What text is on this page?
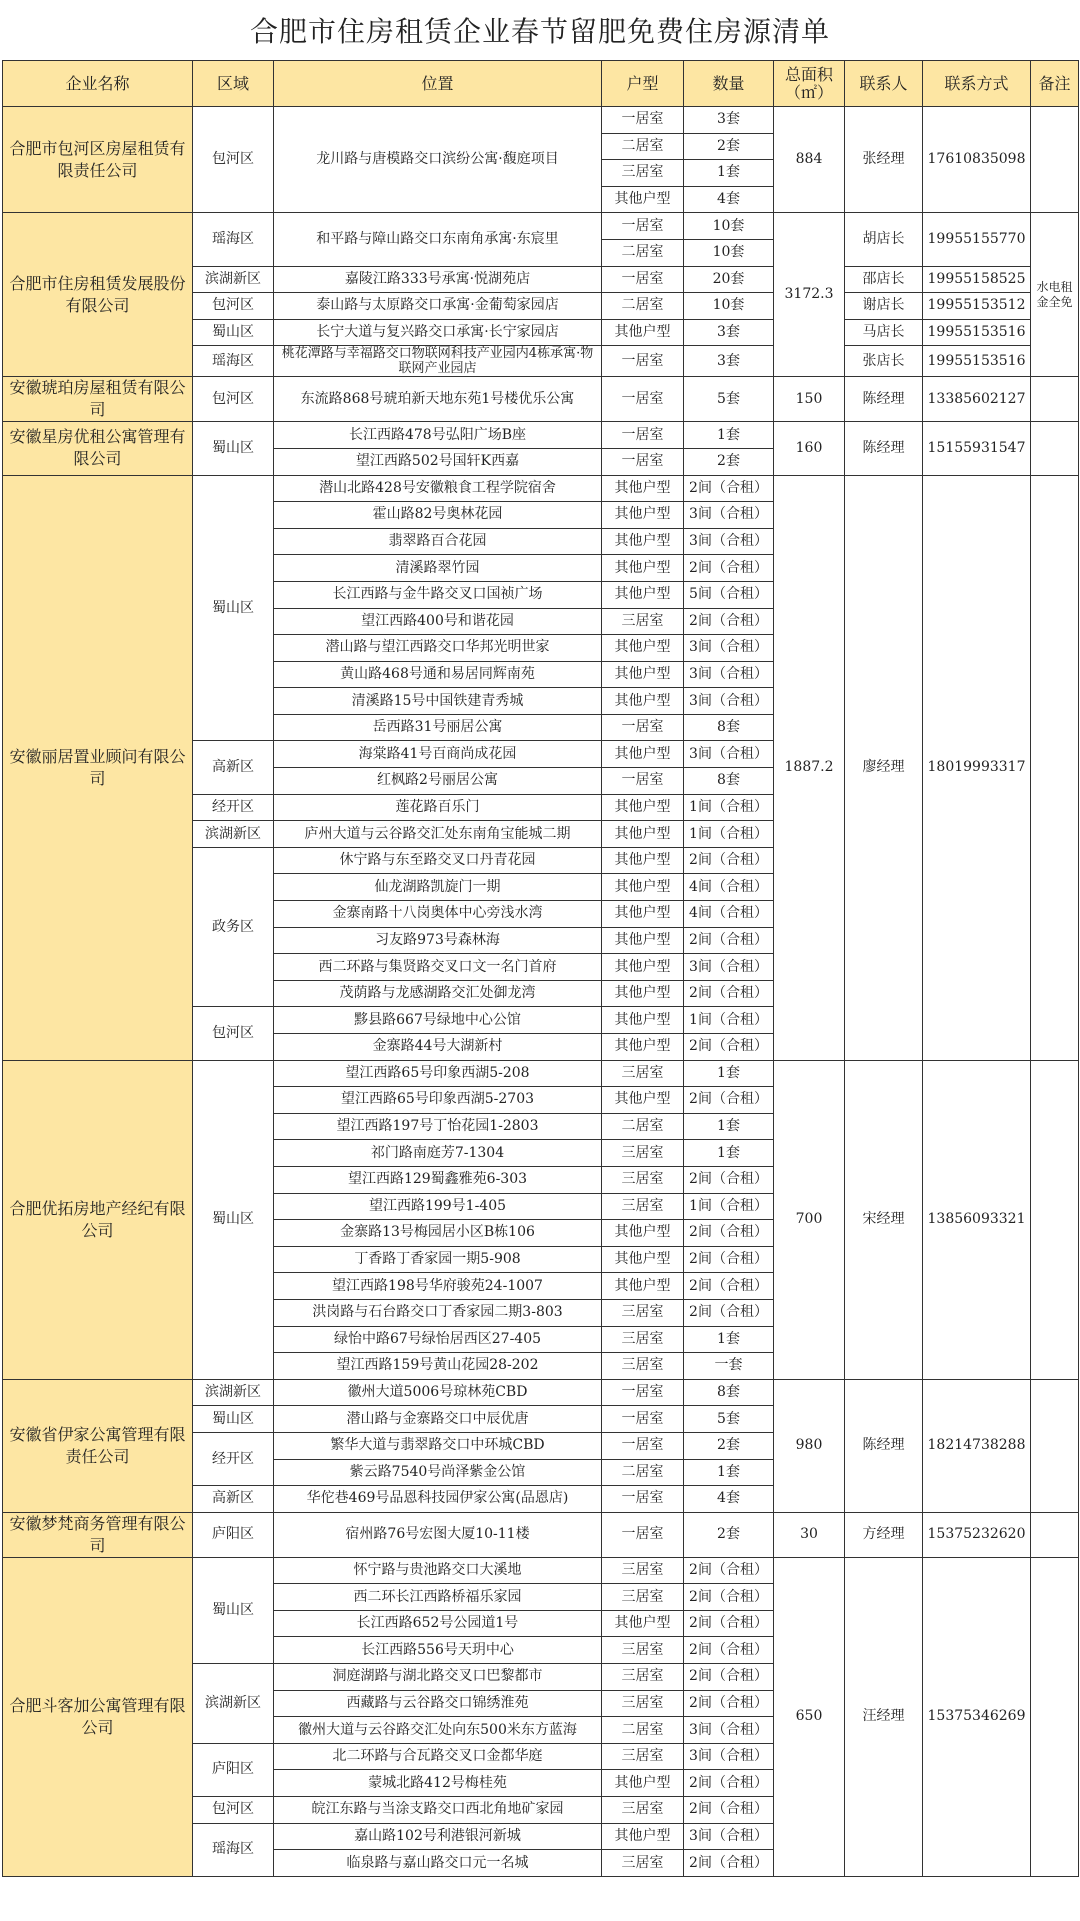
合肥市住房租赁企业春节留肥免费住房源清单
企业名称	区域	位置	户型	数量	总面积（㎡）	联系人	联系方式	备注
合肥市包河区房屋租赁有限责任公司	包河区	龙川路与唐模路交口滨纷公寓·馥庭项目	一居室	3套	884	张经理	17610835098	
			二居室	2套				
			三居室	1套				
			其他户型	4套				
合肥市住房租赁发展股份有限公司	瑶海区	和平路与障山路交口东南角承寓·东宸里	一居室	10套	3172.3	胡店长	19955155770	水电租金全免
			二居室	10套				
	滨湖新区	嘉陵江路333号承寓·悦湖苑店	一居室	20套		邵店长	19955158525	
	包河区	泰山路与太原路交口承寓·金葡萄家园店	二居室	10套		谢店长	19955153512	
	蜀山区	长宁大道与复兴路交口承寓·长宁家园店	其他户型	3套		马店长	19955153516	
	瑶海区	桃花潭路与幸福路交口物联网科技产业园内4栋承寓·物联网产业园店	一居室	3套		张店长	19955153516	
安徽琥珀房屋租赁有限公司	包河区	东流路868号琥珀新天地东苑1号楼优乐公寓	一居室	5套	150	陈经理	13385602127	
安徽星房优租公寓管理有限公司	蜀山区	长江西路478号弘阳广场B座	一居室	1套	160	陈经理	15155931547	
		望江西路502号国轩K西嘉	一居室	2套				
安徽丽居置业顾问有限公司	蜀山区	潜山北路428号安徽粮食工程学院宿舍	其他户型	2间（合租）	1887.2	廖经理	18019993317	
		霍山路82号奥林花园	其他户型	3间（合租）				
		翡翠路百合花园	其他户型	3间（合租）				
		清溪路翠竹园	其他户型	2间（合租）				
		长江西路与金牛路交叉口国祯广场	其他户型	5间（合租）				
		望江西路400号和谐花园	三居室	2间（合租）				
		潜山路与望江西路交口华邦光明世家	其他户型	3间（合租）				
		黄山路468号通和易居同辉南苑	其他户型	3间（合租）				
		清溪路15号中国铁建青秀城	其他户型	3间（合租）				
		岳西路31号丽居公寓	一居室	8套				
	高新区	海棠路41号百商尚成花园	其他户型	3间（合租）				
		红枫路2号丽居公寓	一居室	8套				
	经开区	莲花路百乐门	其他户型	1间（合租）				
	滨湖新区	庐州大道与云谷路交汇处东南角宝能城二期	其他户型	1间（合租）				
	政务区	休宁路与东至路交叉口丹青花园	其他户型	2间（合租）				
		仙龙湖路凯旋门一期	其他户型	4间（合租）				
		金寨南路十八岗奥体中心旁浅水湾	其他户型	4间（合租）				
		习友路973号森林海	其他户型	2间（合租）				
		西二环路与集贤路交叉口文一名门首府	其他户型	3间（合租）				
		茂荫路与龙感湖路交汇处御龙湾	其他户型	2间（合租）				
	包河区	黟县路667号绿地中心公馆	其他户型	1间（合租）				
		金寨路44号大湖新村	其他户型	2间（合租）				
合肥优拓房地产经纪有限公司	蜀山区	望江西路65号印象西湖5-208	三居室	1套	700	宋经理	13856093321	
		望江西路65号印象西湖5-2703	其他户型	2间（合租）				
		望江西路197号丁怡花园1-2803	二居室	1套				
		祁门路南庭芳7-1304	三居室	1套				
		望江西路129蜀鑫雅苑6-303	三居室	2间（合租）				
		望江西路199号1-405	三居室	1间（合租）				
		金寨路13号梅园居小区B栋106	其他户型	2间（合租）				
		丁香路丁香家园一期5-908	其他户型	2间（合租）				
		望江西路198号华府骏苑24-1007	其他户型	2间（合租）				
		洪岗路与石台路交口丁香家园二期3-803	三居室	2间（合租）				
		绿怡中路67号绿怡居西区27-405	三居室	1套				
		望江西路159号黄山花园28-202	三居室	一套				
安徽省伊家公寓管理有限责任公司	滨湖新区	徽州大道5006号琼林苑CBD	一居室	8套	980	陈经理	18214738288	
	蜀山区	潜山路与金寨路交口中辰优唐	一居室	5套				
	经开区	繁华大道与翡翠路交口中环城CBD	一居室	2套				
		紫云路7540号尚泽紫金公馆	二居室	1套				
	高新区	华佗巷469号品恩科技园伊家公寓(品恩店)	一居室	4套				
安徽梦梵商务管理有限公司	庐阳区	宿州路76号宏图大厦10-11楼	一居室	2套	30	方经理	15375232620	
合肥斗客加公寓管理有限公司	蜀山区	怀宁路与贵池路交口大溪地	三居室	2间（合租）	650	汪经理	15375346269	
		西二环长江西路桥福乐家园	三居室	2间（合租）				
		长江西路652号公园道1号	其他户型	2间（合租）				
		长江西路556号天玥中心	三居室	2间（合租）				
	滨湖新区	洞庭湖路与湖北路交叉口巴黎都市	三居室	2间（合租）				
		西藏路与云谷路交口锦绣淮苑	三居室	2间（合租）				
		徽州大道与云谷路交汇处向东500米东方蓝海	二居室	3间（合租）				
	庐阳区	北二环路与合瓦路交叉口金都华庭	三居室	3间（合租）				
		蒙城北路412号梅桂苑	其他户型	2间（合租）				
	包河区	皖江东路与当涂支路交口西北角地矿家园	三居室	2间（合租）				
	瑶海区	嘉山路102号利港银河新城	其他户型	3间（合租）				
		临泉路与嘉山路交口元一名城	三居室	2间（合租）				
